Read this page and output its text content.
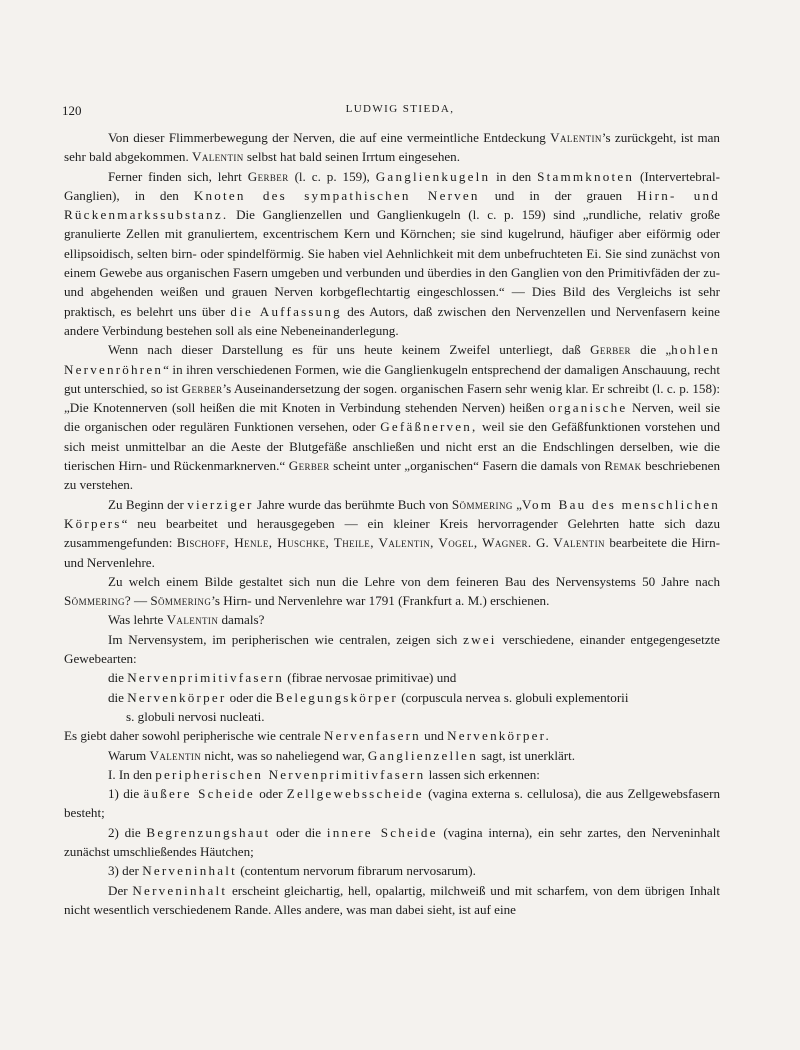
120	LUDWIG STIEDA,

Von dieser Flimmerbewegung der Nerven, die auf eine vermeintliche Entdeckung Valentin’s zurückgeht, ist man sehr bald abgekommen. Valentin selbst hat bald seinen Irrtum eingesehen.

Ferner finden sich, lehrt Gerber (l. c. p. 159), Ganglienkugeln in den Stammknoten (Intervertebral-Ganglien), in den Knoten des sympathischen Nerven und in der grauen Hirn- und Rückenmarkssubstanz. Die Ganglienzellen und Ganglienkugeln (l. c. p. 159) sind „rundliche, relativ große granulierte Zellen mit granuliertem, excentrischem Kern und Körnchen; sie sind kugelrund, häufiger aber eiförmig oder ellipsoidisch, selten birn- oder spindelförmig. Sie haben viel Aehnlichkeit mit dem unbefruchteten Ei. Sie sind zunächst von einem Gewebe aus organischen Fasern umgeben und verbunden und überdies in den Ganglien von den Primitivfäden der zu- und abgehenden weißen und grauen Nerven korbgeflechtartig eingeschlossen.“ — Dies Bild des Vergleichs ist sehr praktisch, es belehrt uns über die Auffassung des Autors, daß zwischen den Nervenzellen und Nervenfasern keine andere Verbindung bestehen soll als eine Nebeneinanderlegung.

Wenn nach dieser Darstellung es für uns heute keinem Zweifel unterliegt, daß Gerber die „hohlen Nervenröhren“ in ihren verschiedenen Formen, wie die Ganglienkugeln entsprechend der damaligen Anschauung, recht gut unterschied, so ist Gerber’s Auseinandersetzung der sogen. organischen Fasern sehr wenig klar. Er schreibt (l. c. p. 158): „Die Knotennerven (soll heißen die mit Knoten in Verbindung stehenden Nerven) heißen organische Nerven, weil sie die organischen oder regulären Funktionen versehen, oder Gefäßnerven, weil sie den Gefäßfunktionen vorstehen und sich meist unmittelbar an die Aeste der Blutgefäße anschließen und nicht erst an die Endschlingen derselben, wie die tierischen Hirn- und Rückenmarknerven.“ Gerber scheint unter „organischen“ Fasern die damals von Remak beschriebenen zu verstehen.

Zu Beginn der vierziger Jahre wurde das berühmte Buch von Sömmering „Vom Bau des menschlichen Körpers“ neu bearbeitet und herausgegeben — ein kleiner Kreis hervorragender Gelehrten hatte sich dazu zusammengefunden: Bischoff, Henle, Huschke, Theile, Valentin, Vogel, Wagner. G. Valentin bearbeitete die Hirn- und Nervenlehre.

Zu welch einem Bilde gestaltet sich nun die Lehre von dem feineren Bau des Nervensystems 50 Jahre nach Sömmering? — Sömmering’s Hirn- und Nervenlehre war 1791 (Frankfurt a. M.) erschienen.

Was lehrte Valentin damals?

Im Nervensystem, im peripherischen wie centralen, zeigen sich zwei verschiedene, einander entgegengesetzte Gewebearten:

die Nervenprimitivfasern (fibrae nervosae primitivae) und

die Nervenkörper oder die Belegungskörper (corpuscula nervea s. globuli explementorii

s. globuli nervosi nucleati.

Es giebt daher sowohl peripherische wie centrale Nervenfasern und Nervenkörper.

Warum Valentin nicht, was so naheliegend war, Ganglienzellen sagt, ist unerklärt.

I. In den peripherischen Nervenprimitivfasern lassen sich erkennen:

1) die äußere Scheide oder Zellgewebsscheide (vagina externa s. cellulosa), die aus Zellgewebsfasern besteht;

2) die Begrenzungshaut oder die innere Scheide (vagina interna), ein sehr zartes, den Nerveninhalt zunächst umschließendes Häutchen;

3) der Nerveninhalt (contentum nervorum fibrarum nervosarum).

Der Nerveninhalt erscheint gleichartig, hell, opalartig, milchweiß und mit scharfem, von dem übrigen Inhalt nicht wesentlich verschiedenem Rande. Alles andere, was man dabei sieht, ist auf eine
